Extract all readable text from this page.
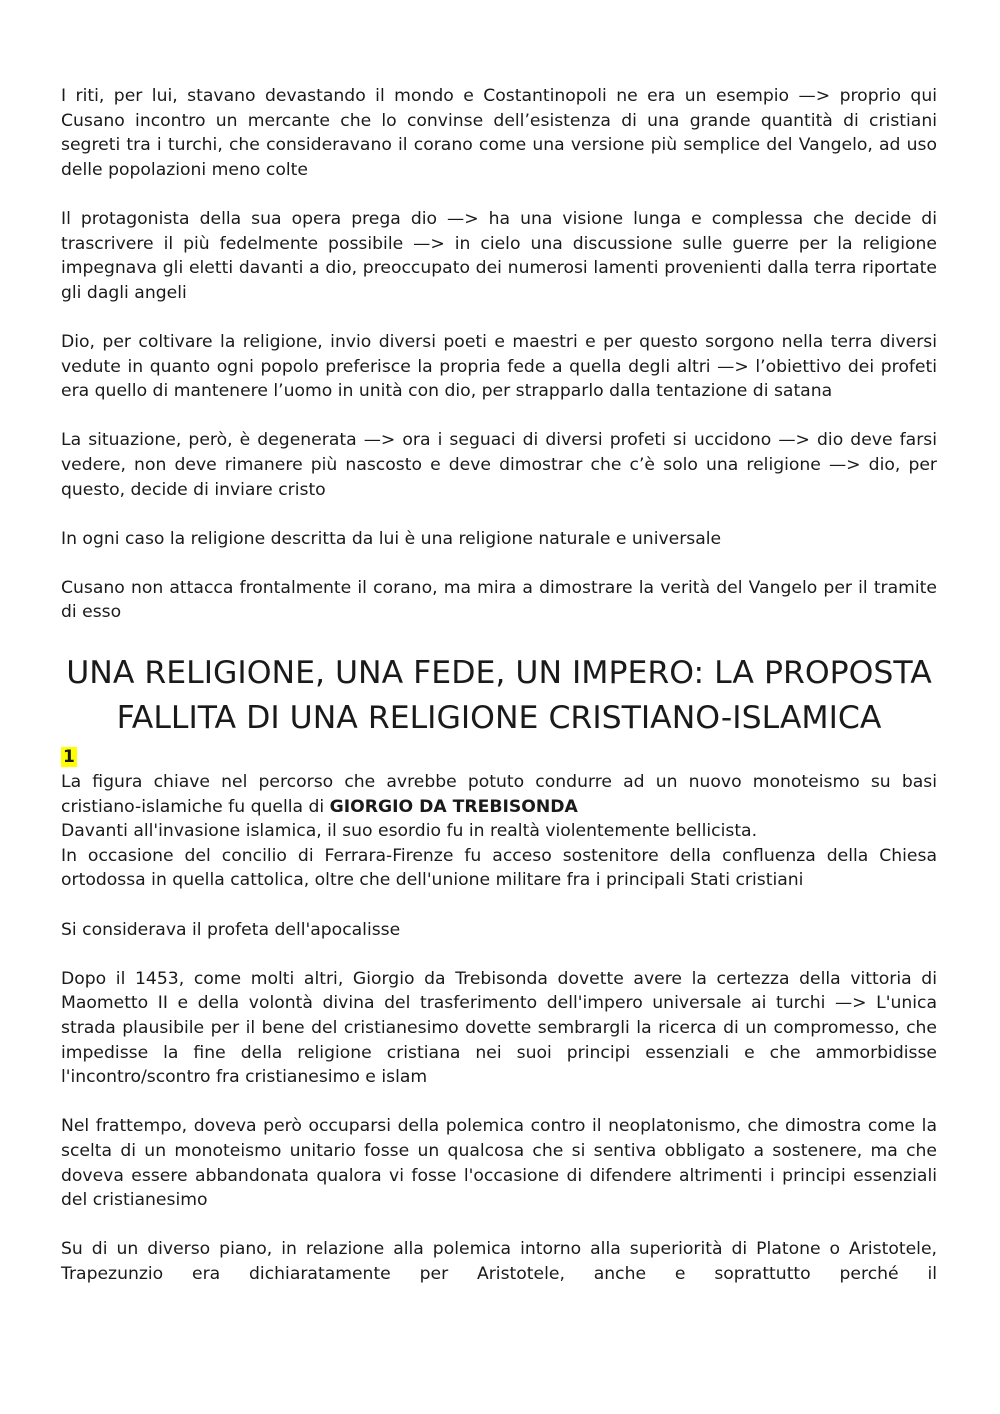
I riti, per lui, stavano devastando il mondo e Costantinopoli ne era un esempio —> proprio qui Cusano incontro un mercante che lo convinse dell’esistenza di una grande quantità di cristiani segreti tra i turchi, che consideravano il corano come una versione più semplice del Vangelo, ad uso delle popolazioni meno colte

Il protagonista della sua opera prega dio —> ha una visione lunga e complessa che decide di trascrivere il più fedelmente possibile —> in cielo una discussione sulle guerre per la religione impegnava gli eletti davanti a dio, preoccupato dei numerosi lamenti provenienti dalla terra riportate gli dagli angeli

Dio, per coltivare la religione, invio diversi poeti e maestri e per questo sorgono nella terra diversi vedute in quanto ogni popolo preferisce la propria fede a quella degli altri —> l’obiettivo dei profeti era quello di mantenere l’uomo in unità con dio, per strapparlo dalla tentazione di satana

La situazione, però, è degenerata —> ora i seguaci di diversi profeti si uccidono —> dio deve farsi vedere, non deve rimanere più nascosto e deve dimostrar che c’è solo una religione —> dio, per questo, decide di inviare cristo

In ogni caso la religione descritta da lui è una religione naturale e universale

Cusano non attacca frontalmente il corano, ma mira a dimostrare la verità del Vangelo per il tramite di esso

UNA RELIGIONE, UNA FEDE, UN IMPERO: LA PROPOSTA FALLITA DI UNA RELIGIONE CRISTIANO-ISLAMICA
1

La figura chiave nel percorso che avrebbe potuto condurre ad un nuovo monoteismo su basi cristiano-islamiche fu quella di GIORGIO DA TREBISONDA

Davanti all'invasione islamica, il suo esordio fu in realtà violentemente bellicista.

In occasione del concilio di Ferrara-Firenze fu acceso sostenitore della confluenza della Chiesa ortodossa in quella cattolica, oltre che dell'unione militare fra i principali Stati cristiani

Si considerava il profeta dell'apocalisse

Dopo il 1453, come molti altri, Giorgio da Trebisonda dovette avere la certezza della vittoria di Maometto II e della volontà divina del trasferimento dell'impero universale ai turchi —> L'unica strada plausibile per il bene del cristianesimo dovette sembrargli la ricerca di un compromesso, che impedisse la fine della religione cristiana nei suoi principi essenziali e che ammorbidisse l'incontro/scontro fra cristianesimo e islam

Nel frattempo, doveva però occuparsi della polemica contro il neoplatonismo, che dimostra come la scelta di un monoteismo unitario fosse un qualcosa che si sentiva obbligato a sostenere, ma che doveva essere abbandonata qualora vi fosse l'occasione di difendere altrimenti i principi essenziali del cristianesimo

Su di un diverso piano, in relazione alla polemica intorno alla superiorità di Platone o Aristotele, Trapezunzio era dichiaratamente per Aristotele, anche e soprattutto perché il
